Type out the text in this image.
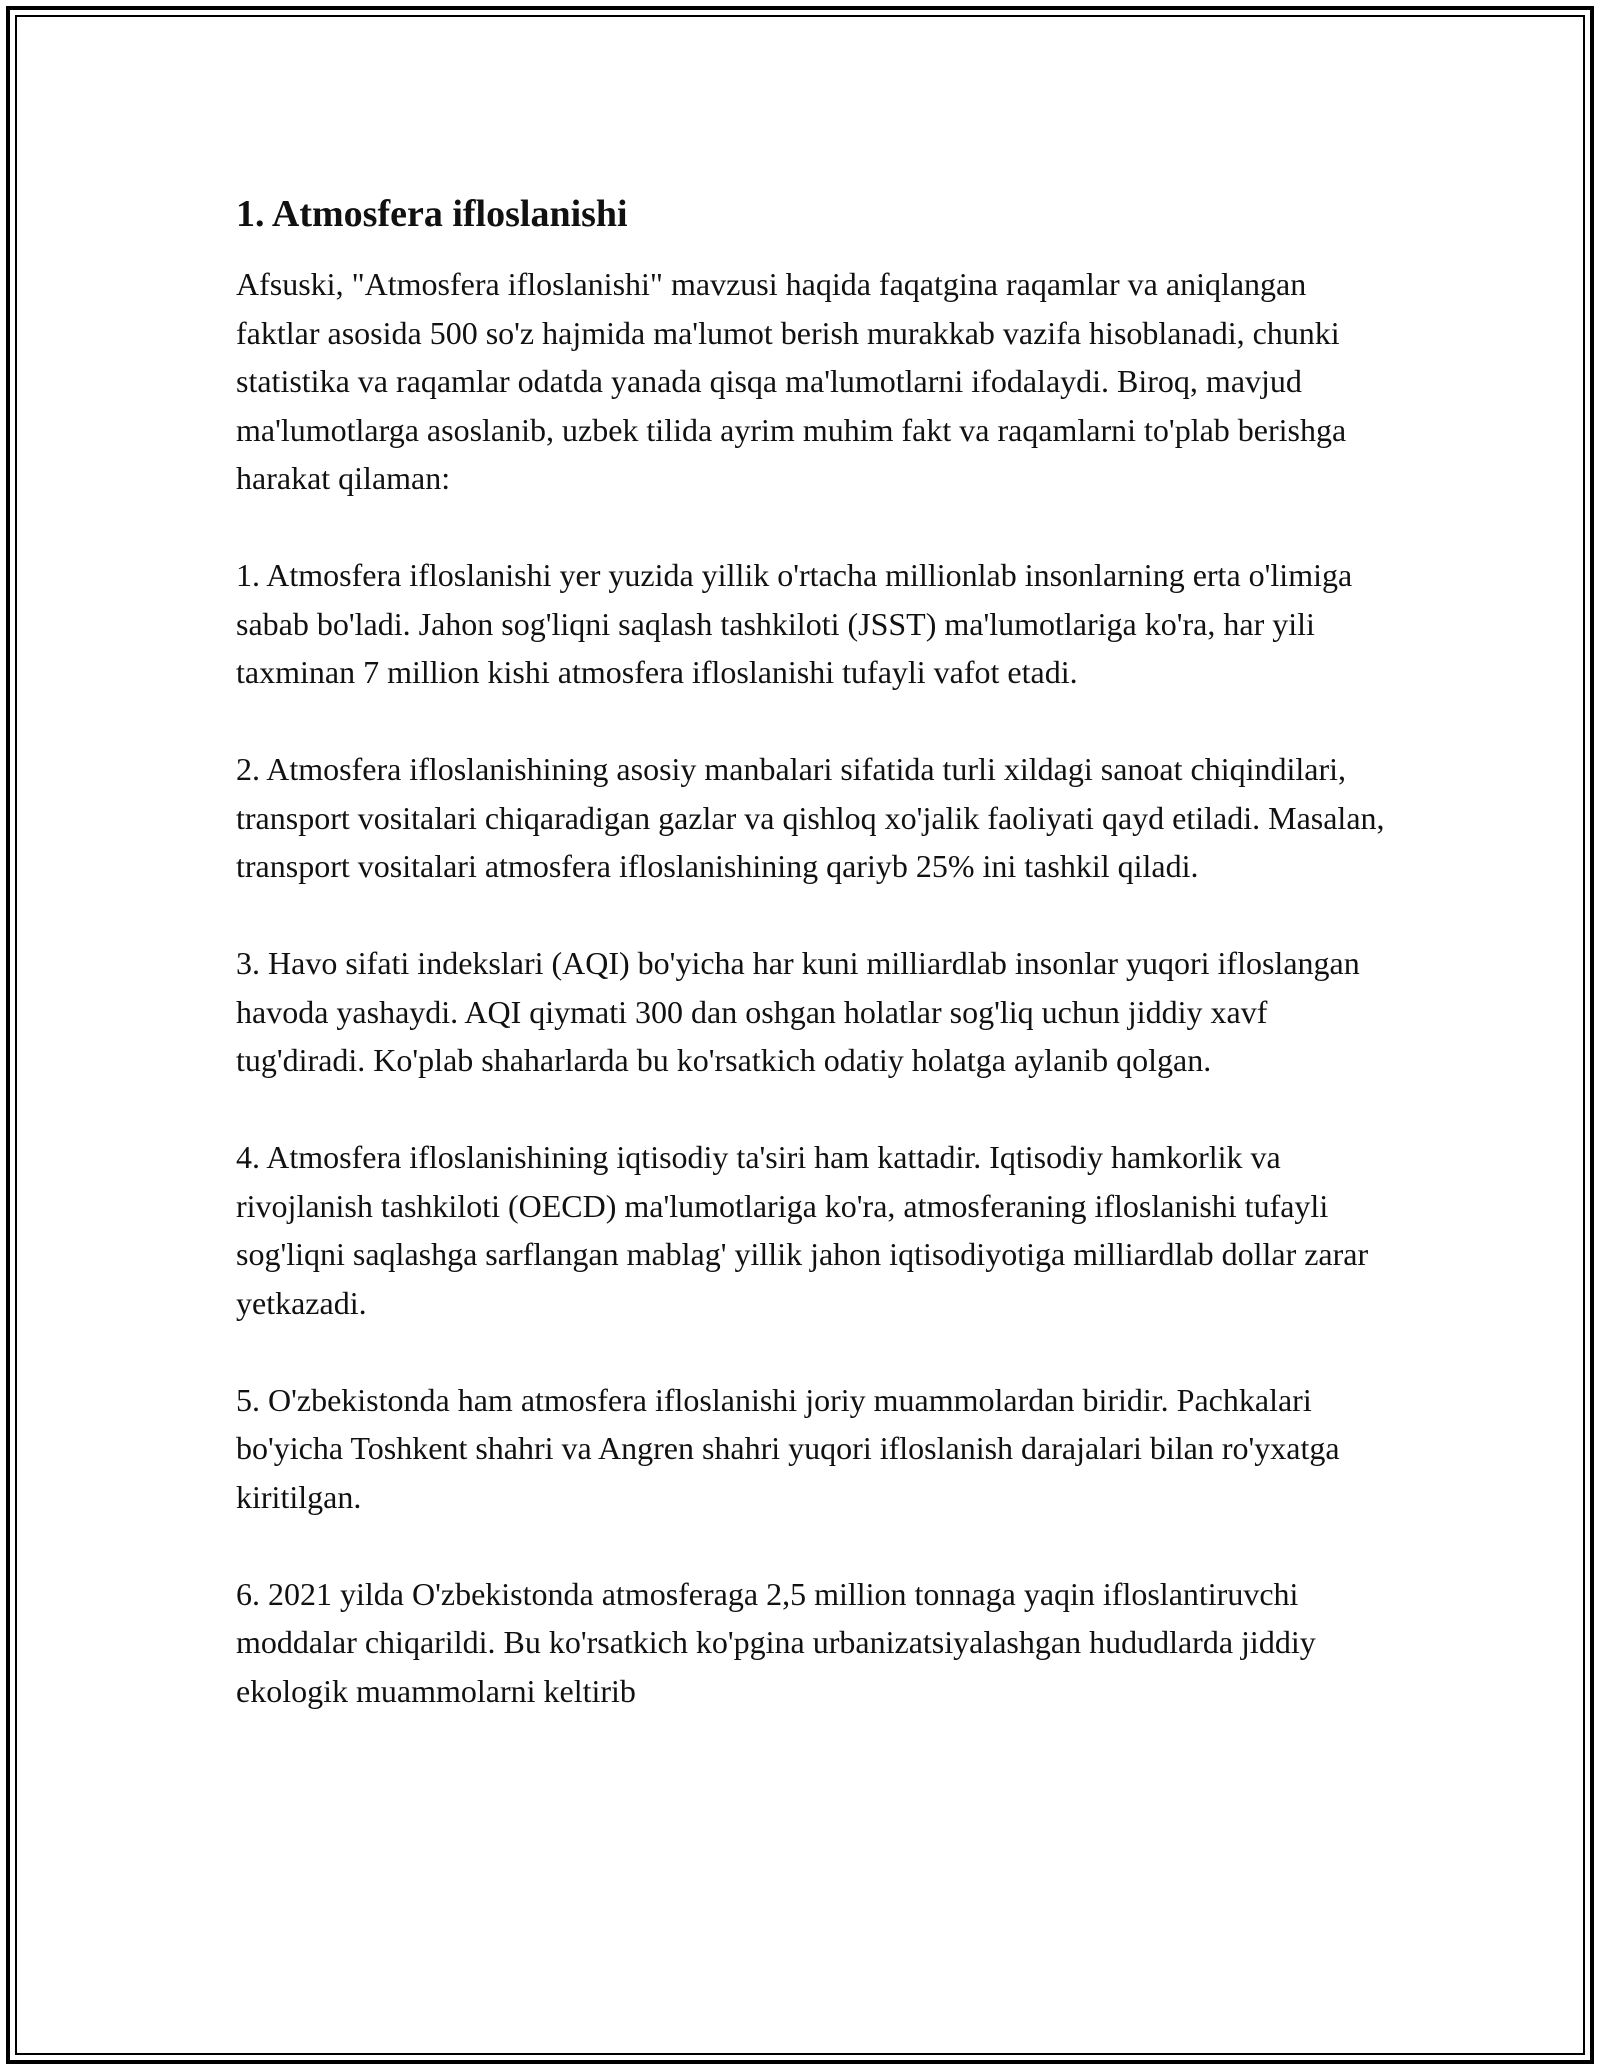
1. Atmosfera ifloslanishi

Afsuski, "Atmosfera ifloslanishi" mavzusi haqida faqatgina raqamlar va aniqlangan faktlar asosida 500 so'z hajmida ma'lumot berish murakkab vazifa hisoblanadi, chunki statistika va raqamlar odatda yanada qisqa ma'lumotlarni ifodalaydi. Biroq, mavjud ma'lumotlarga asoslanib, uzbek tilida ayrim muhim fakt va raqamlarni to'plab berishga harakat qilaman:

1. Atmosfera ifloslanishi yer yuzida yillik o'rtacha millionlab insonlarning erta o'limiga sabab bo'ladi. Jahon sog'liqni saqlash tashkiloti (JSST) ma'lumotlariga ko'ra, har yili taxminan 7 million kishi atmosfera ifloslanishi tufayli vafot etadi.

2. Atmosfera ifloslanishining asosiy manbalari sifatida turli xildagi sanoat chiqindilari, transport vositalari chiqaradigan gazlar va qishloq xo'jalik faoliyati qayd etiladi. Masalan, transport vositalari atmosfera ifloslanishining qariyb 25% ini tashkil qiladi.

3. Havo sifati indekslari (AQI) bo'yicha har kuni milliardlab insonlar yuqori ifloslangan havoda yashaydi. AQI qiymati 300 dan oshgan holatlar sog'liq uchun jiddiy xavf tug'diradi. Ko'plab shaharlarda bu ko'rsatkich odatiy holatga aylanib qolgan.

4. Atmosfera ifloslanishining iqtisodiy ta'siri ham kattadir. Iqtisodiy hamkorlik va rivojlanish tashkiloti (OECD) ma'lumotlariga ko'ra, atmosferaning ifloslanishi tufayli sog'liqni saqlashga sarflangan mablag' yillik jahon iqtisodiyotiga milliardlab dollar zarar yetkazadi.

5. O'zbekistonda ham atmosfera ifloslanishi joriy muammolardan biridir. Pachkalari bo'yicha Toshkent shahri va Angren shahri yuqori ifloslanish darajalari bilan ro'yxatga kiritilgan.

6. 2021 yilda O'zbekistonda atmosferaga 2,5 million tonnaga yaqin ifloslantiruvchi moddalar chiqarildi. Bu ko'rsatkich ko'pgina urbanizatsiyalashgan hududlarda jiddiy ekologik muammolarni keltirib
